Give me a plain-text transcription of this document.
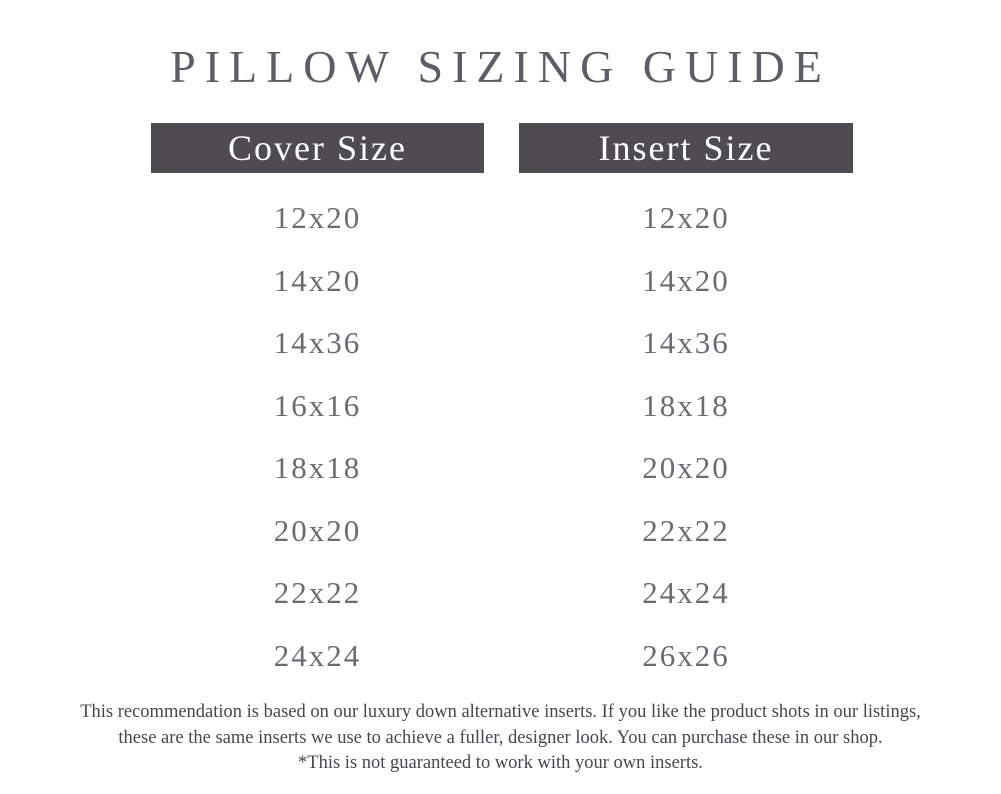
PILLOW SIZING GUIDE
Cover Size
12x20
14x20
14x36
16x16
18x18
20x20
22x22
24x24
Insert Size
12x20
14x20
14x36
18x18
20x20
22x22
24x24
26x26

This recommendation is based on our luxury down alternative inserts. If you like the product shots in our listings,

these are the same inserts we use to achieve a fuller, designer look. You can purchase these in our shop.

*This is not guaranteed to work with your own inserts.
